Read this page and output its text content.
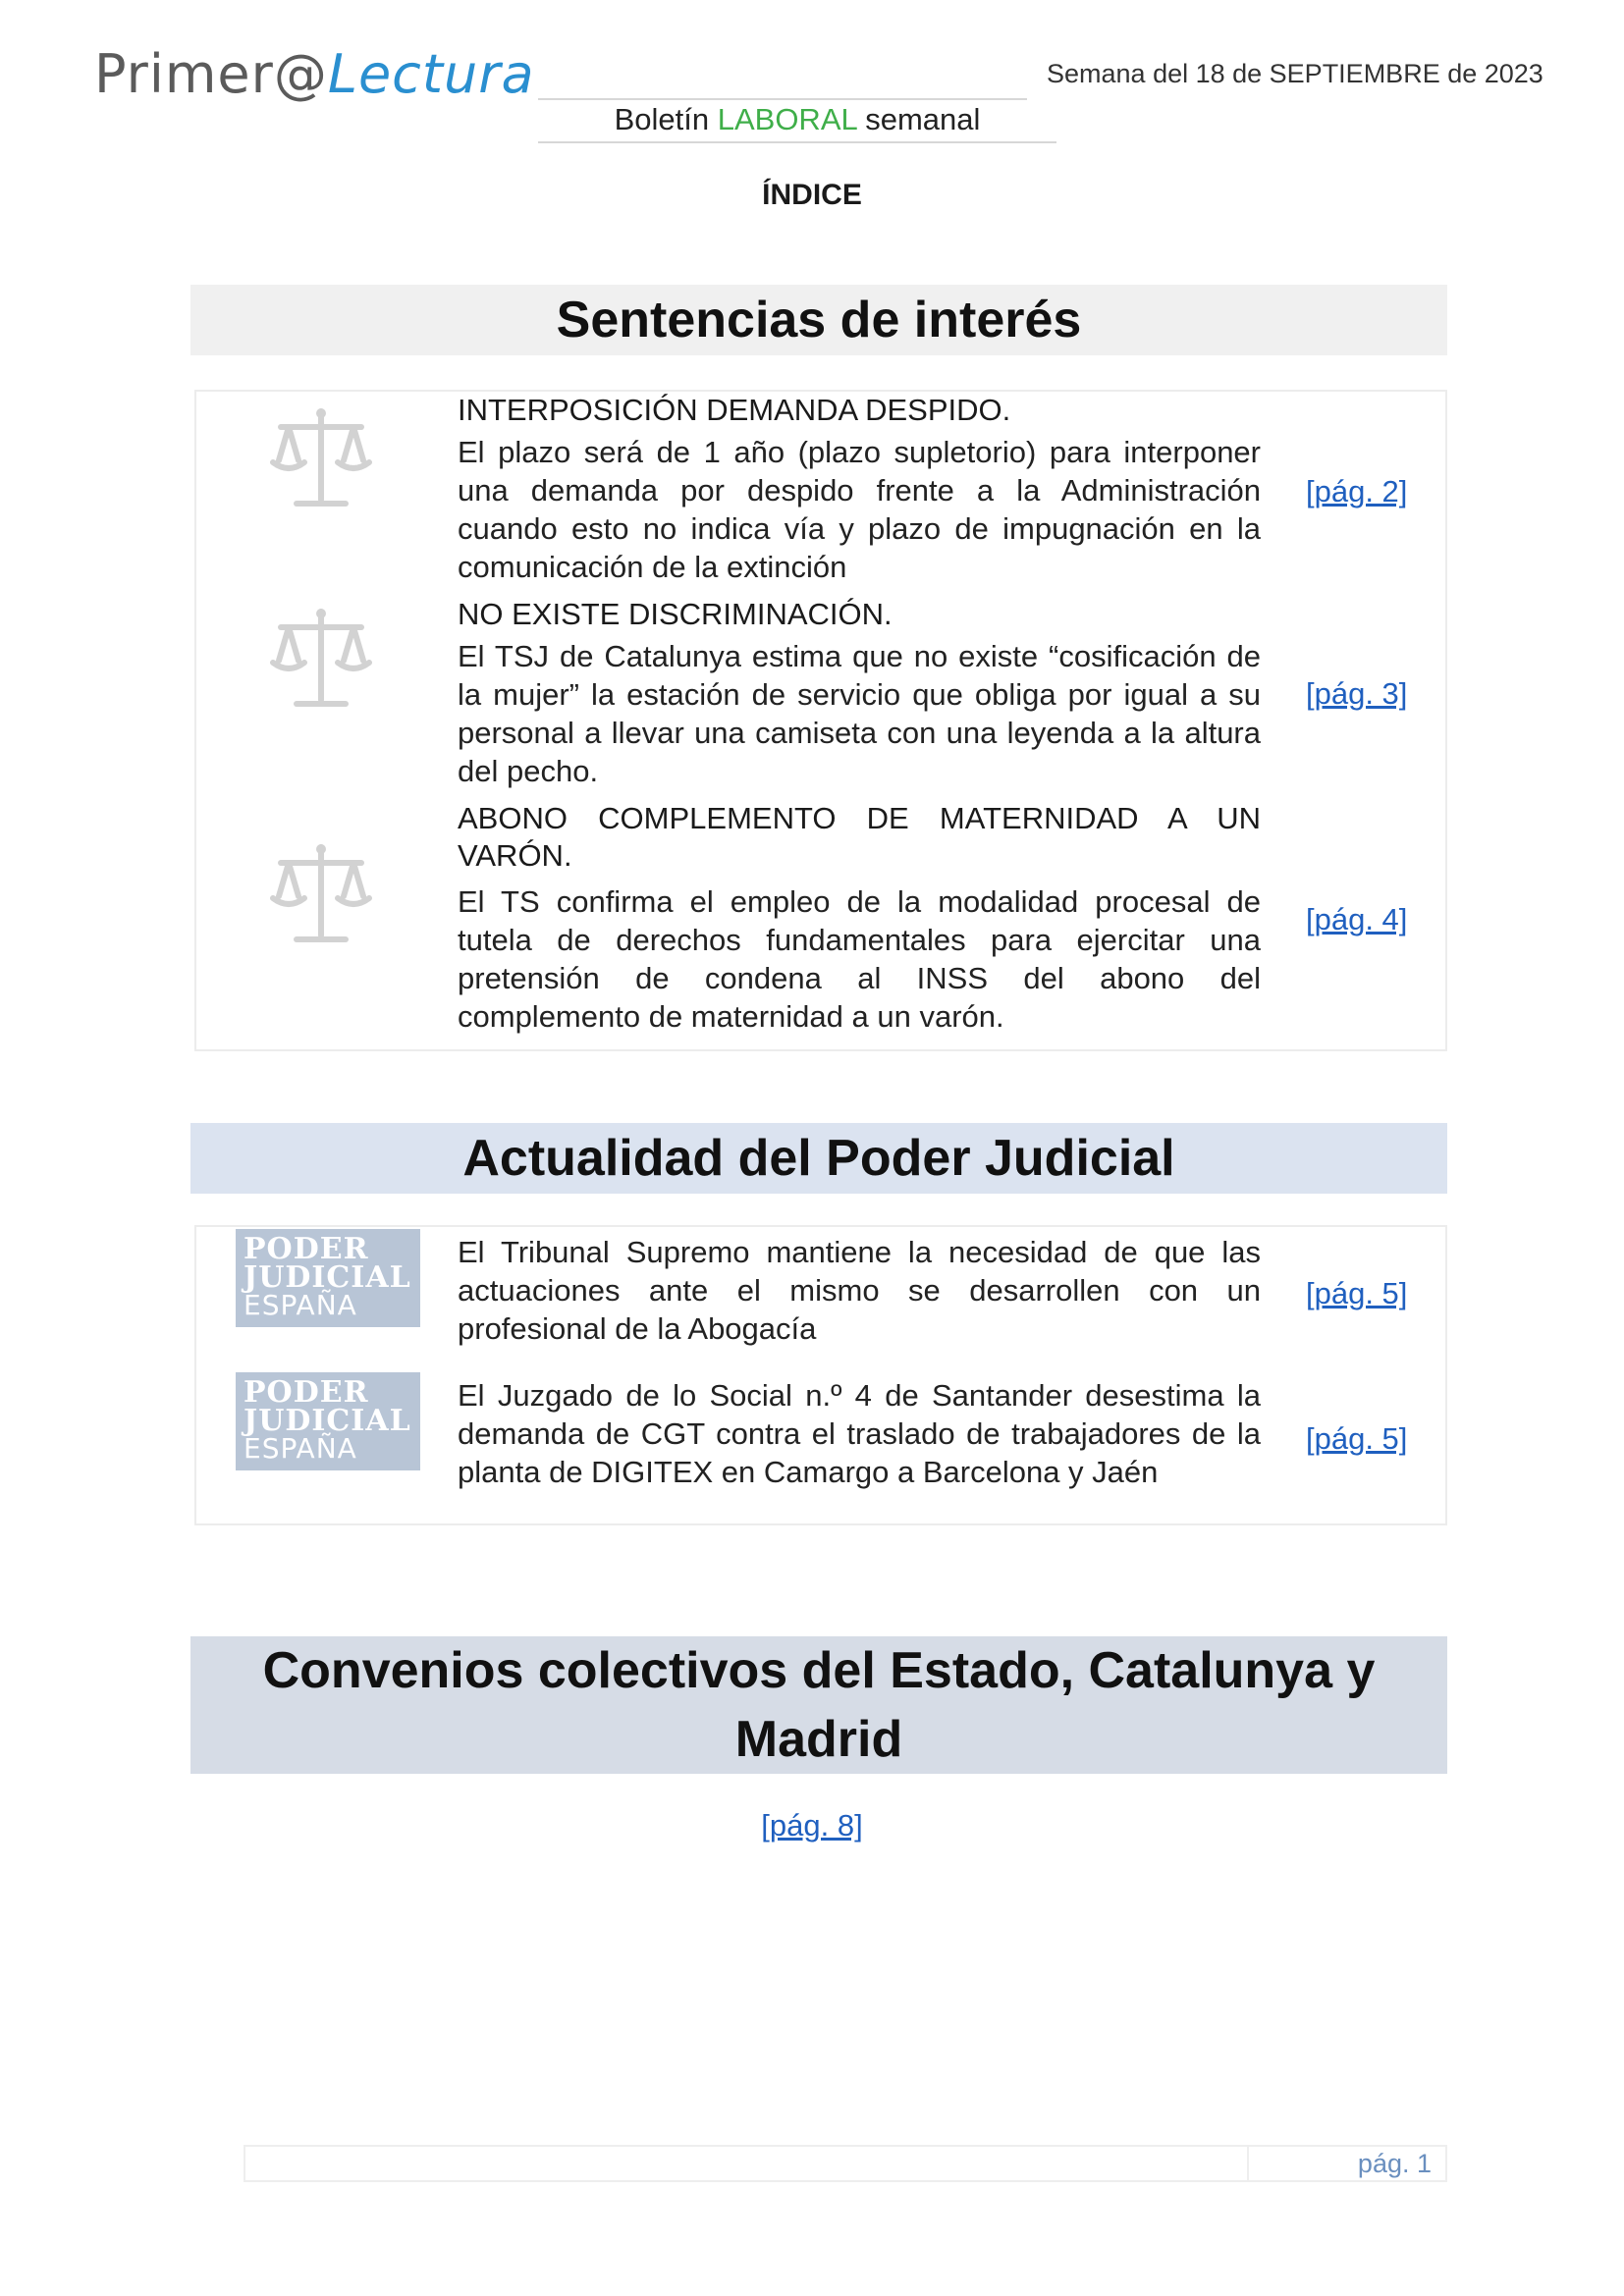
Primer@Lectura	Semana del 18 de SEPTIEMBRE de 2023
Boletín LABORAL semanal
ÍNDICE
Sentencias de interés
INTERPOSICIÓN DEMANDA DESPIDO.
El plazo será de 1 año (plazo supletorio) para interponer una demanda por despido frente a la Administración cuando esto no indica vía y plazo de impugnación en la comunicación de la extinción
[pág. 2]
NO EXISTE DISCRIMINACIÓN.
El TSJ de Catalunya estima que no existe “cosificación de la mujer” la estación de servicio que obliga por igual a su personal a llevar una camiseta con una leyenda a la altura del pecho.
[pág. 3]
ABONO COMPLEMENTO DE MATERNIDAD A UN VARÓN.
El TS confirma el empleo de la modalidad procesal de tutela de derechos fundamentales para ejercitar una pretensión de condena al INSS del abono del complemento de maternidad a un varón.
[pág. 4]
Actualidad del Poder Judicial
PODER
JUDICIAL
ESPAÑA
El Tribunal Supremo mantiene la necesidad de que las actuaciones ante el mismo se desarrollen con un profesional de la Abogacía
[pág. 5]
PODER
JUDICIAL
ESPAÑA
El Juzgado de lo Social n.º 4 de Santander desestima la demanda de CGT contra el traslado de trabajadores de la planta de DIGITEX en Camargo a Barcelona y Jaén
[pág. 5]
Convenios colectivos del Estado, Catalunya y
Madrid
[pág. 8]
pág. 1
